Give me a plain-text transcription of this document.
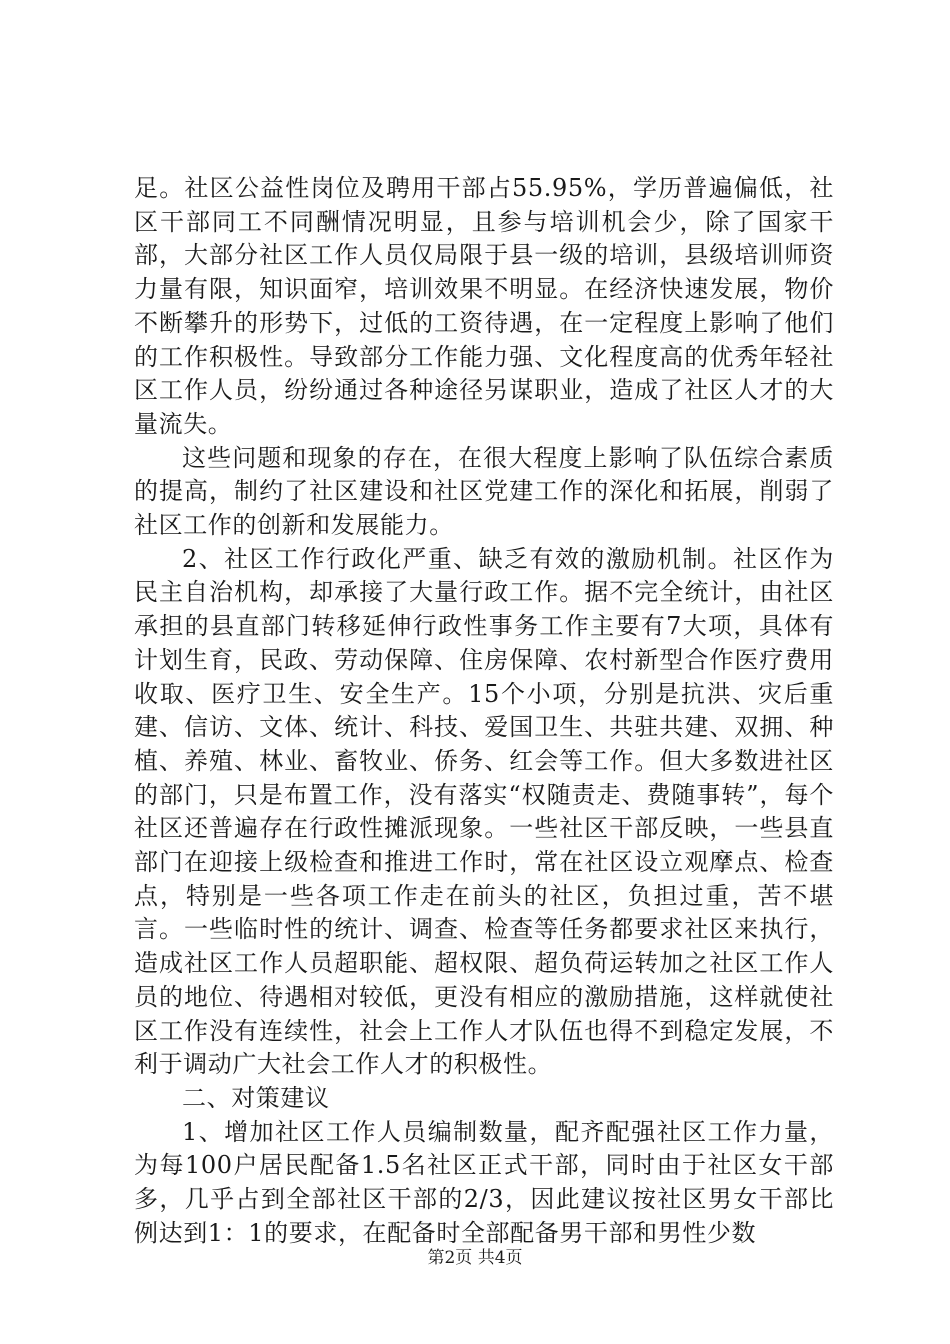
足。社区公益性岗位及聘用干部占55.95%，学历普遍偏低，社区干部同工不同酬情况明显，且参与培训机会少，除了国家干部，大部分社区工作人员仅局限于县一级的培训，县级培训师资力量有限，知识面窄，培训效果不明显。在经济快速发展，物价不断攀升的形势下，过低的工资待遇，在一定程度上影响了他们的工作积极性。导致部分工作能力强、文化程度高的优秀年轻社区工作人员，纷纷通过各种途径另谋职业，造成了社区人才的大量流失。

这些问题和现象的存在，在很大程度上影响了队伍综合素质的提高，制约了社区建设和社区党建工作的深化和拓展，削弱了社区工作的创新和发展能力。

2、社区工作行政化严重、缺乏有效的激励机制。社区作为民主自治机构，却承接了大量行政工作。据不完全统计，由社区承担的县直部门转移延伸行政性事务工作主要有7大项，具体有计划生育，民政、劳动保障、住房保障、农村新型合作医疗费用收取、医疗卫生、安全生产。15个小项，分别是抗洪、灾后重建、信访、文体、统计、科技、爱国卫生、共驻共建、双拥、种植、养殖、林业、畜牧业、侨务、红会等工作。但大多数进社区的部门，只是布置工作，没有落实“权随责走、费随事转”，每个社区还普遍存在行政性摊派现象。一些社区干部反映，一些县直部门在迎接上级检查和推进工作时，常在社区设立观摩点、检查点，特别是一些各项工作走在前头的社区，负担过重，苦不堪言。一些临时性的统计、调查、检查等任务都要求社区来执行，造成社区工作人员超职能、超权限、超负荷运转加之社区工作人员的地位、待遇相对较低，更没有相应的激励措施，这样就使社区工作没有连续性，社会上工作人才队伍也得不到稳定发展，不利于调动广大社会工作人才的积极性。

二、对策建议

1、增加社区工作人员编制数量，配齐配强社区工作力量，为每100户居民配备1.5名社区正式干部，同时由于社区女干部多，几乎占到全部社区干部的2/3，因此建议按社区男女干部比例达到1：1的要求，在配备时全部配备男干部和男性少数

第2页 共4页
